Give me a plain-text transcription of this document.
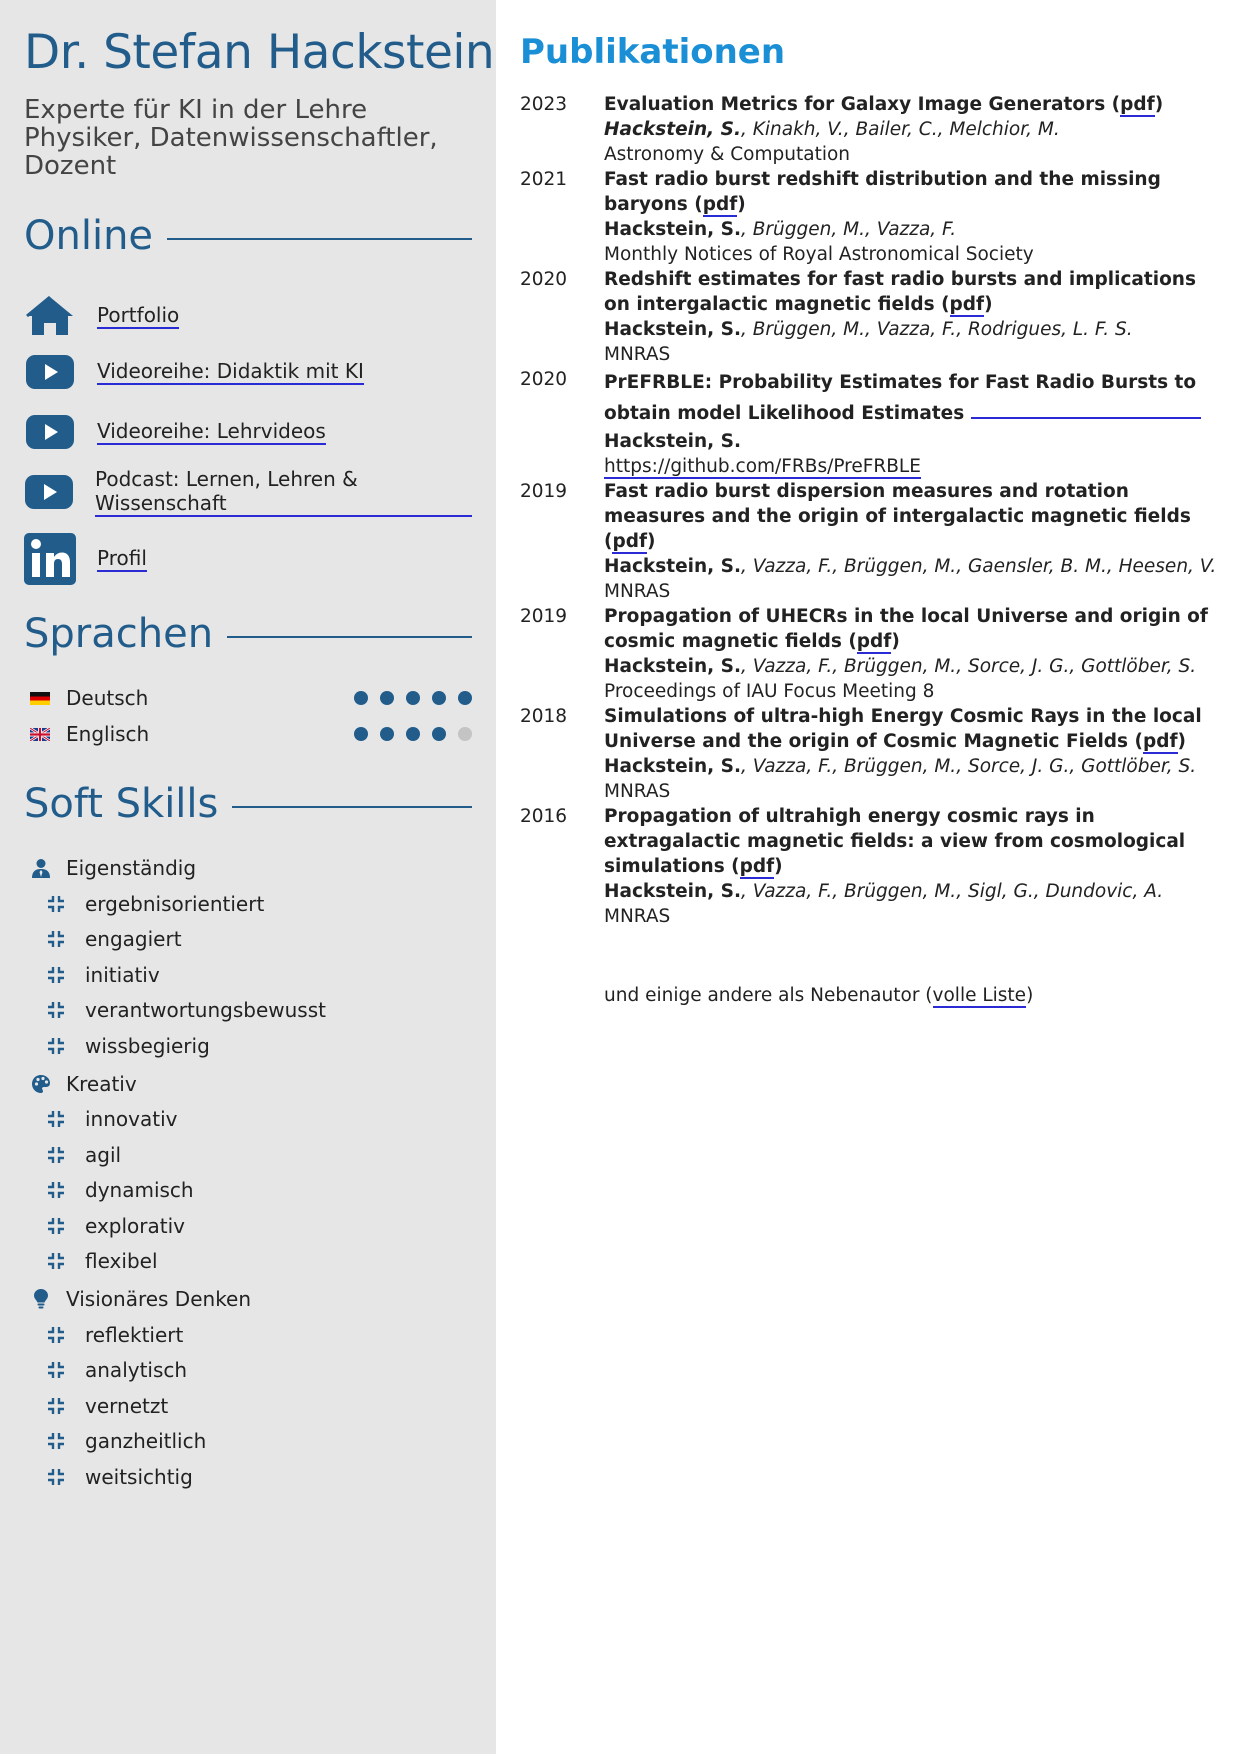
Dr. Stefan Hackstein
Experte für KI in der Lehre
Physiker, Datenwissenschaftler,
Dozent
Online
Portfolio
Videoreihe: Didaktik mit KI
Videoreihe: Lehrvideos
Podcast: Lernen, Lehren & Wissenschaft
Profil
Sprachen
Deutsch
Englisch
Soft Skills
Eigenständig
ergebnisorientiert
engagiert
initiativ
verantwortungsbewusst
wissbegierig
Kreativ
innovativ
agil
dynamisch
explorativ
flexibel
Visionäres Denken
reflektiert
analytisch
vernetzt
ganzheitlich
weitsichtig
Publikationen
2023	Evaluation Metrics for Galaxy Image Generators (pdf)
Hackstein, S., Kinakh, V., Bailer, C., Melchior, M.
Astronomy & Computation
2021	Fast radio burst redshift distribution and the missing baryons (pdf)
Hackstein, S., Brüggen, M., Vazza, F.
Monthly Notices of Royal Astronomical Society
2020	Redshift estimates for fast radio bursts and implications on intergalactic magnetic fields (pdf)
Hackstein, S., Brüggen, M., Vazza, F., Rodrigues, L. F. S.
MNRAS
2020	PrEFRBLE: Probability Estimates for Fast Radio Bursts to obtain model Likelihood Estimates
Hackstein, S.
https://github.com/FRBs/PreFRBLE
2019	Fast radio burst dispersion measures and rotation measures and the origin of intergalactic magnetic fields (pdf)
Hackstein, S., Vazza, F., Brüggen, M., Gaensler, B. M., Heesen, V.
MNRAS
2019	Propagation of UHECRs in the local Universe and origin of cosmic magnetic fields (pdf)
Hackstein, S., Vazza, F., Brüggen, M., Sorce, J. G., Gottlöber, S.
Proceedings of IAU Focus Meeting 8
2018	Simulations of ultra-high Energy Cosmic Rays in the local Universe and the origin of Cosmic Magnetic Fields (pdf)
Hackstein, S., Vazza, F., Brüggen, M., Sorce, J. G., Gottlöber, S.
MNRAS
2016	Propagation of ultrahigh energy cosmic rays in extragalactic magnetic fields: a view from cosmological simulations (pdf)
Hackstein, S., Vazza, F., Brüggen, M., Sigl, G., Dundovic, A.
MNRAS
und einige andere als Nebenautor (volle Liste)
